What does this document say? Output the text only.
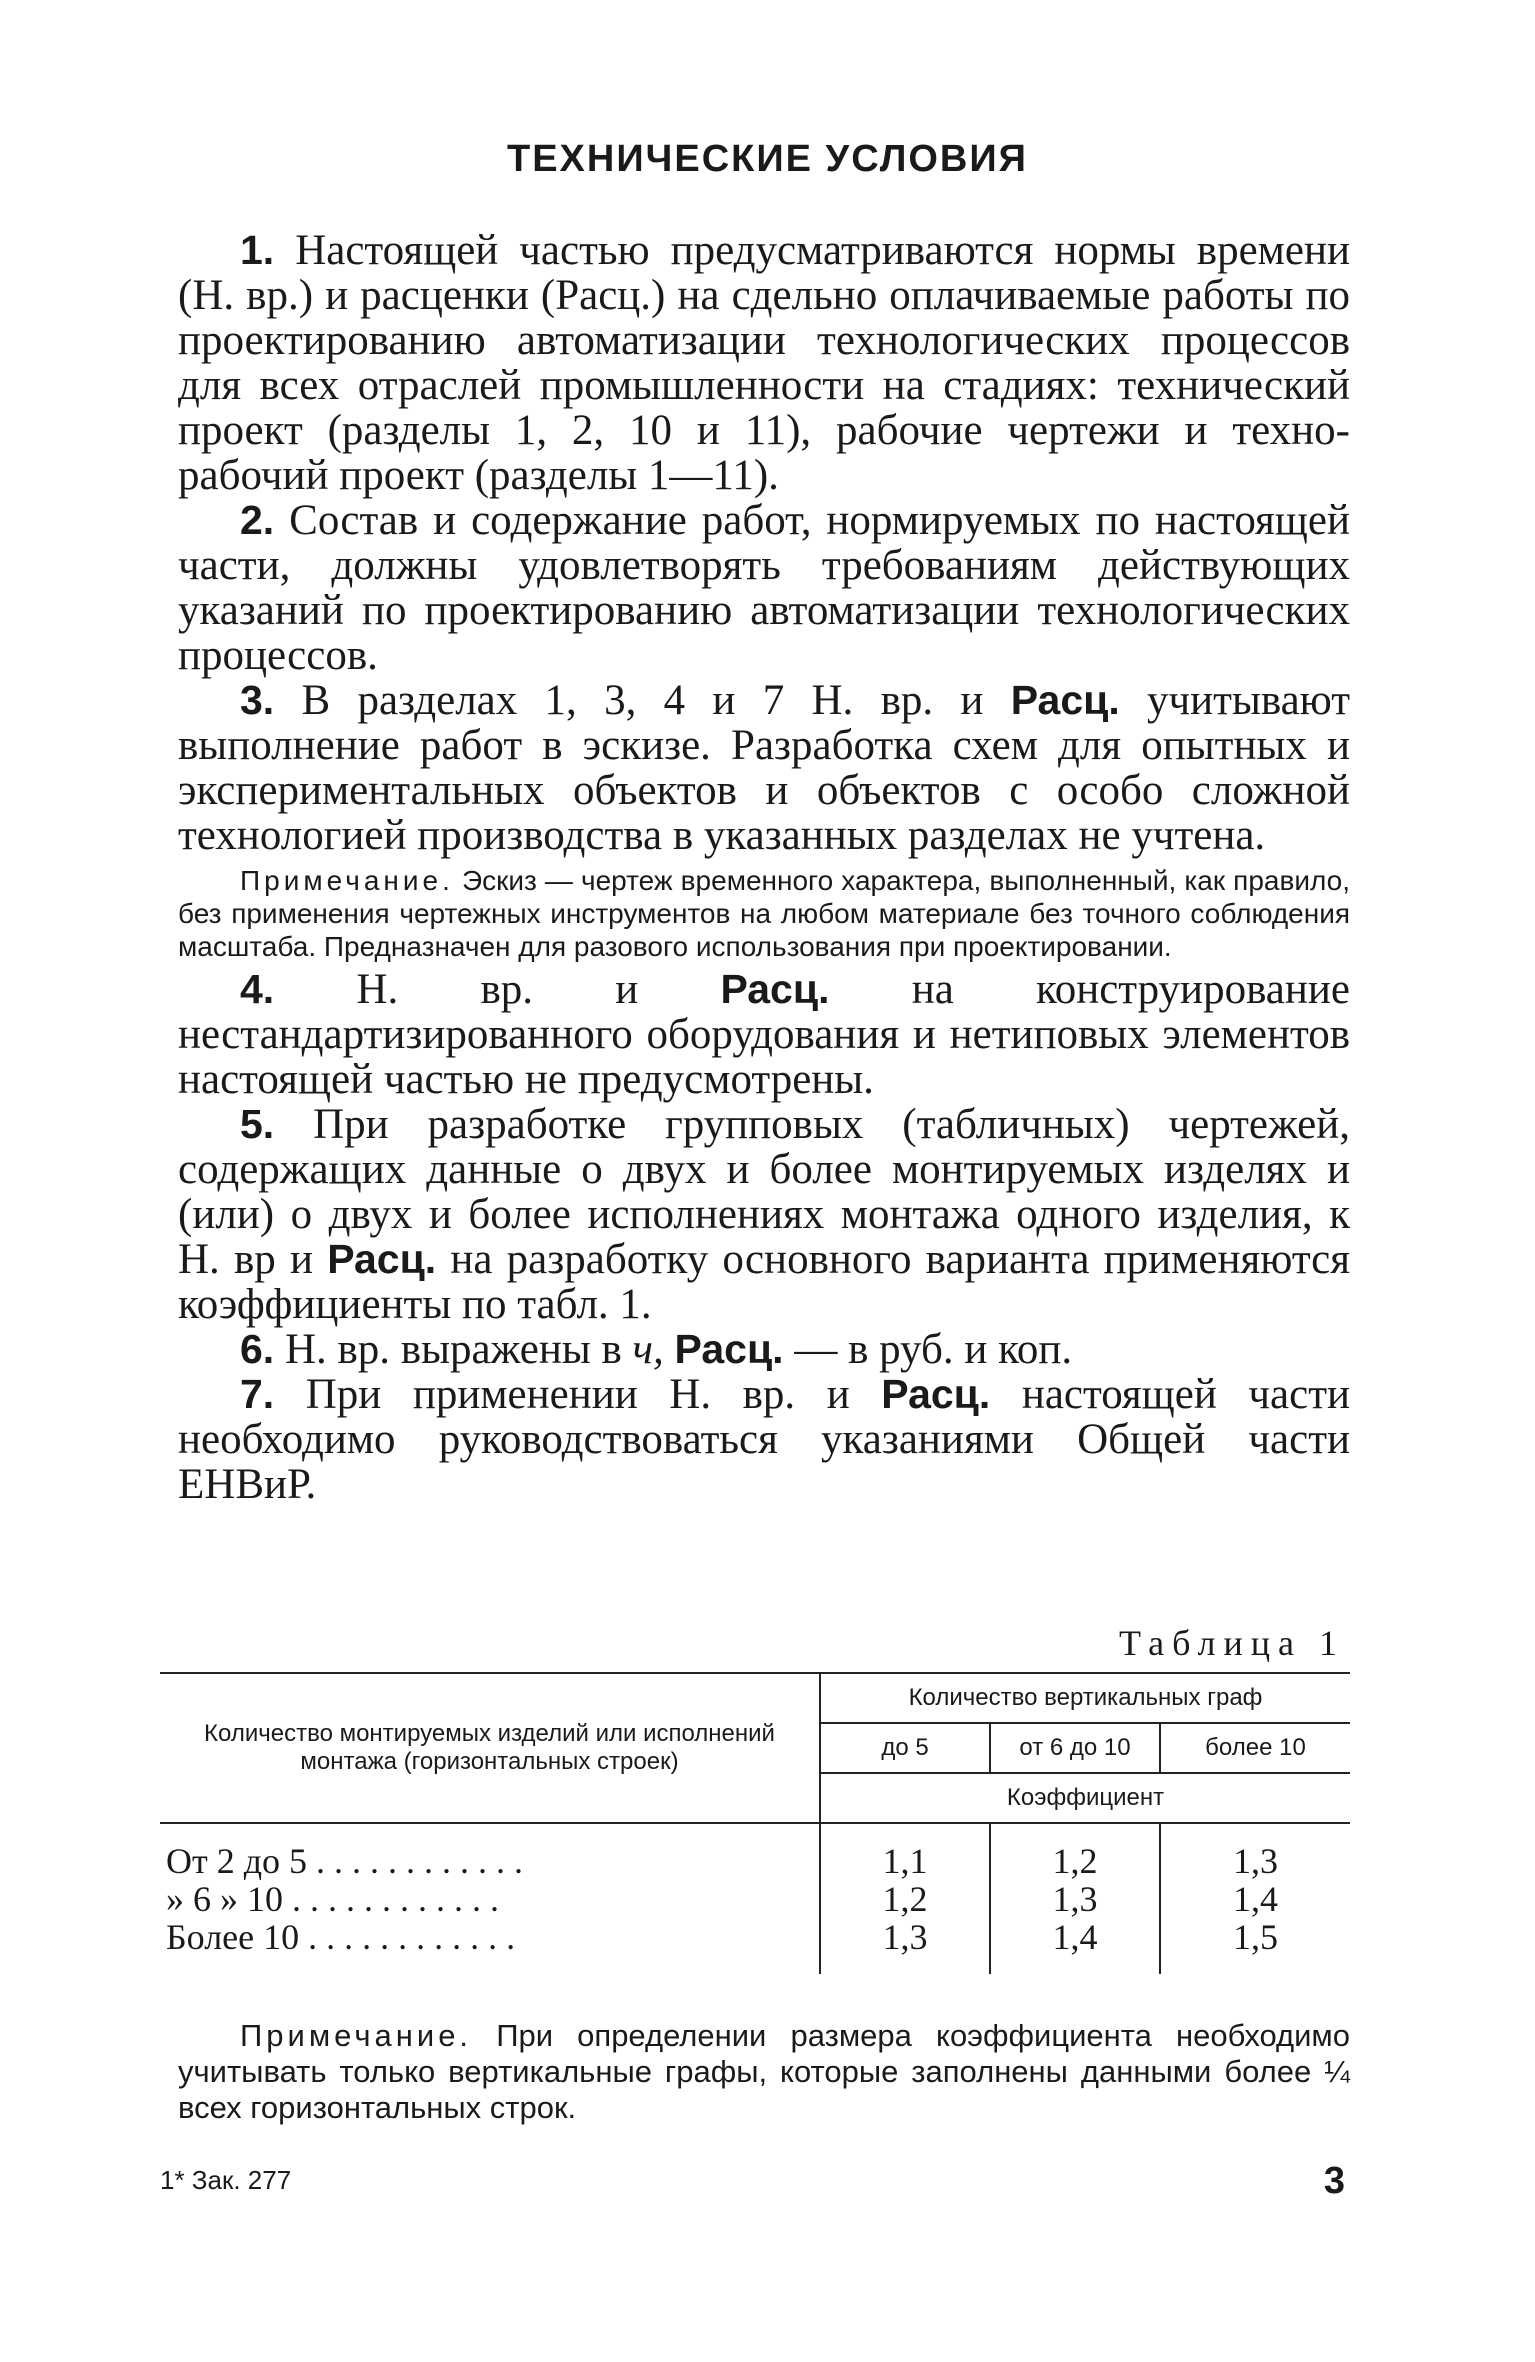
ТЕХНИЧЕСКИЕ УСЛОВИЯ

1. Настоящей частью предусматриваются нормы времени (Н. вр.) и расценки (Расц.) на сдельно оплачиваемые работы по проектированию автоматизации технологических процессов для всех отраслей промышленности на стадиях: технический проект (разделы 1, 2, 10 и 11), рабочие чертежи и техно-рабочий проект (разделы 1—11).

2. Состав и содержание работ, нормируемых по настоящей части, должны удовлетворять требованиям действующих указаний по проектированию автоматизации технологических процессов.

3. В разделах 1, 3, 4 и 7 Н. вр. и Расц. учитывают выполнение работ в эскизе. Разработка схем для опытных и экспериментальных объектов и объектов с особо сложной технологией производства в указанных разделах не учтена.

Примечание. Эскиз — чертеж временного характера, выполненный, как правило, без применения чертежных инструментов на любом материале без точного соблюдения масштаба. Предназначен для разового использования при проектировании.

4. Н. вр. и Расц. на конструирование нестандартизированного оборудования и нетиповых элементов настоящей частью не предусмотрены.

5. При разработке групповых (табличных) чертежей, содержащих данные о двух и более монтируемых изделях и (или) о двух и более исполнениях монтажа одного изделия, к Н. вр и Расц. на разработку основного варианта применяются коэффициенты по табл. 1.

6. Н. вр. выражены в ч, Расц. — в руб. и коп.

7. При применении Н. вр. и Расц. настоящей части необходимо руководствоваться указаниями Общей части ЕНВиР.

Таблица 1
Количество монтируемых изделий или исполнений монтажа (горизонтальных строек)	Количество вертикальных граф		
	до 5	от 6 до 10	более 10
	Коэффициент		

От 2 до 5 . . . . . . . . . . . .	1,1	1,2	1,3
» 6 » 10 . . . . . . . . . . . .	1,2	1,3	1,4
Более 10 . . . . . . . . . . . .	1,3	1,4	1,5

Примечание. При определении размера коэффициента необходимо учитывать только вертикальные графы, которые заполнены данными более ¼ всех горизонтальных строк.

1* Зак. 277	3
